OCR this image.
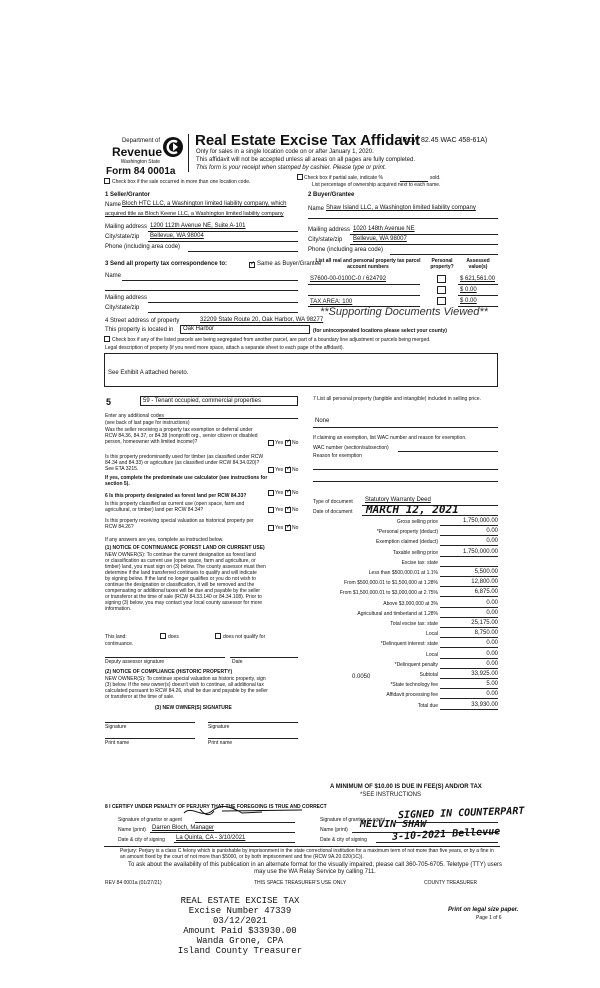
Department of
Revenue
Washington State
Form 84 0001a
Real Estate Excise Tax Affidavit
(RCW 82.45 WAC 458-61A)
Only for sales in a single location code on or after January 1, 2020.
This affidavit will not be accepted unless all areas on all pages are fully completed.
This form is your receipt when stamped by cashier. Please type or print.
Check box if the sale occurred in more than one location code.
Check box if partial sale, indicate %	sold.
List percentage of ownership acquired next to each name.
1 Seller/Grantor
Name Bloch HTC LLC, a Washington limited liability company, which
acquired title as Bloch Keene LLC, a Washington limited liability company
Mailing address 1200 112th Avenue NE, Suite A-101
City/state/zip Bellevue, WA 98004
Phone (including area code)
2 Buyer/Grantee
Name Shaw Island LLC, a Washington limited liability company
Mailing address 1020 148th Avenue NE
City/state/zip Bellevue, WA 98007
Phone (including area code)
3 Send all property tax correspondence to:	✓ Same as Buyer/Grantee
Name
Mailing address
City/state/zip
List all real and personal property tax parcel account numbers
Personal property?
Assessed value(s)
S7600-00-0100C-0 / 624792	$ 621,561.00
$ 0.00
TAX AREA: 100	$ 0.00
**Supporting Documents Viewed**
4 Street address of property	32209 State Route 20, Oak Harbor, WA 98277
This property is located in Oak Harbor	(for unincorporated locations please select your county)
Check box if any of the listed parcels are being segregated from another parcel, are part of a boundary line adjustment or parcels being merged.
Legal description of property (if you need more space, attach a separate sheet to each page of the affidavit).
See Exhibit A attached hereto.
5	59 - Tenant occupied, commercial properties
Enter any additional codes
(see back of last page for instructions)
Was the seller receiving a property tax exemption or deferral under RCW 84.36, 84.37, or 84.38 (nonprofit org., senior citizen or disabled person, homeowner with limited income)?	Yes ✓ No
Is this property predominantly used for timber (as classified under RCW 84.34 and 84.33) or agriculture (as classified under RCW 84.34.020)? See ETA 3215.	Yes ✓ No
If yes, complete the predominate use calculator (see instructions for section 5).
6 Is this property designated as forest land per RCW 84.33?	Yes ✓ No
Is this property classified as current use (open space, farm and agricultural, or timber) land per RCW 84.34?	Yes ✓ No
Is this property receiving special valuation as historical property per RCW 84.26?	Yes ✓ No
If any answers are yes, complete as instructed below.
(1) NOTICE OF CONTINUANCE (FOREST LAND OR CURRENT USE)
NEW OWNER(S): To continue the current designation as forest land
or classification as current use (open space, farm and agriculture, or
timber) land, you must sign on (3) below. The county assessor must then
determine if the land transferred continues to qualify and will indicate
by signing below. If the land no longer qualifies or you do not wish to
continue the designation or classification, it will be removed and the
compensating or additional taxes will be due and payable by the seller
or transferor at the time of sale (RCW 84.33.140 or 84.34.108). Prior to
signing (3) below, you may contact your local county assessor for more
information.
This land:	does	does not qualify for
continuance.
Deputy assessor signature	Date
(2) NOTICE OF COMPLIANCE (HISTORIC PROPERTY)
NEW OWNER(S): To continue special valuation as historic property, sign
(3) below. If the new owner(s) doesn't wish to continue, all additional tax
calculated pursuant to RCW 84.26, shall be due and payable by the seller
or transferor at the time of sale.
(3) NEW OWNER(S) SIGNATURE
Signature	Signature
Print name	Print name
7 List all personal property (tangible and intangible) included in selling price.
None
If claiming an exemption, list WAC number and reason for exemption.
WAC number (section/subsection)
Reason for exemption
Type of document Statutory Warranty Deed
Date of document MARCH 12, 2021
Gross selling price	1,750,000.00
*Personal property (deduct)	0.00
Exemption claimed (deduct)	0.00
Taxable selling price	1,750,000.00
Excise tax: state
Less than $500,000.01 at 1.1%	5,500.00
From $500,000.01 to $1,500,000 at 1.28%	12,800.00
From $1,500,000.01 to $3,000,000 at 2.75%	6,875.00
Above $3,000,000 at 3%	0.00
Agricultural and timberland at 1.28%	0.00
Total excise tax: state	25,175.00
Local	8,750.00
*Delinquent interest: state	0.00
Local	0.00
*Delinquent penalty	0.00
Subtotal	33,925.00
*State technology fee	5.00
Affidavit processing fee	0.00
Total due	33,930.00
0.0050
A MINIMUM OF $10.00 IS DUE IN FEE(S) AND/OR TAX
*SEE INSTRUCTIONS
8 I CERTIFY UNDER PENALTY OF PERJURY THAT THE FOREGOING IS TRUE AND CORRECT
Signature of grantor or agent
Name (print) Darren Bloch, Manager
Date & city of signing La Quinta, CA - 3/10/2021
Signature of grantee or agent SIGNED IN COUNTERPART
Name (print) MELVIN SHAW
Date & city of signing 3-10-2021 Bellevue
Perjury: Perjury is a class C felony which is punishable by imprisonment in the state correctional institution for a maximum term of not more than five years, or by a fine in an amount fixed by the court of not more than $5000, or by both imprisonment and fine (RCW 9A.20.020(1C)).
To ask about the availability of this publication in an alternate format for the visually impaired, please call 360-705-6705. Teletype (TTY) users may use the WA Relay Service by calling 711.
REV 84 0001a (01/27/21)	THIS SPACE TREASURER'S USE ONLY	COUNTY TREASURER
REAL ESTATE EXCISE TAX
Excise Number 47339
03/12/2021
Amount Paid $33930.00
Wanda Grone, CPA
Island County Treasurer
Print on legal size paper.
Page 1 of 6
